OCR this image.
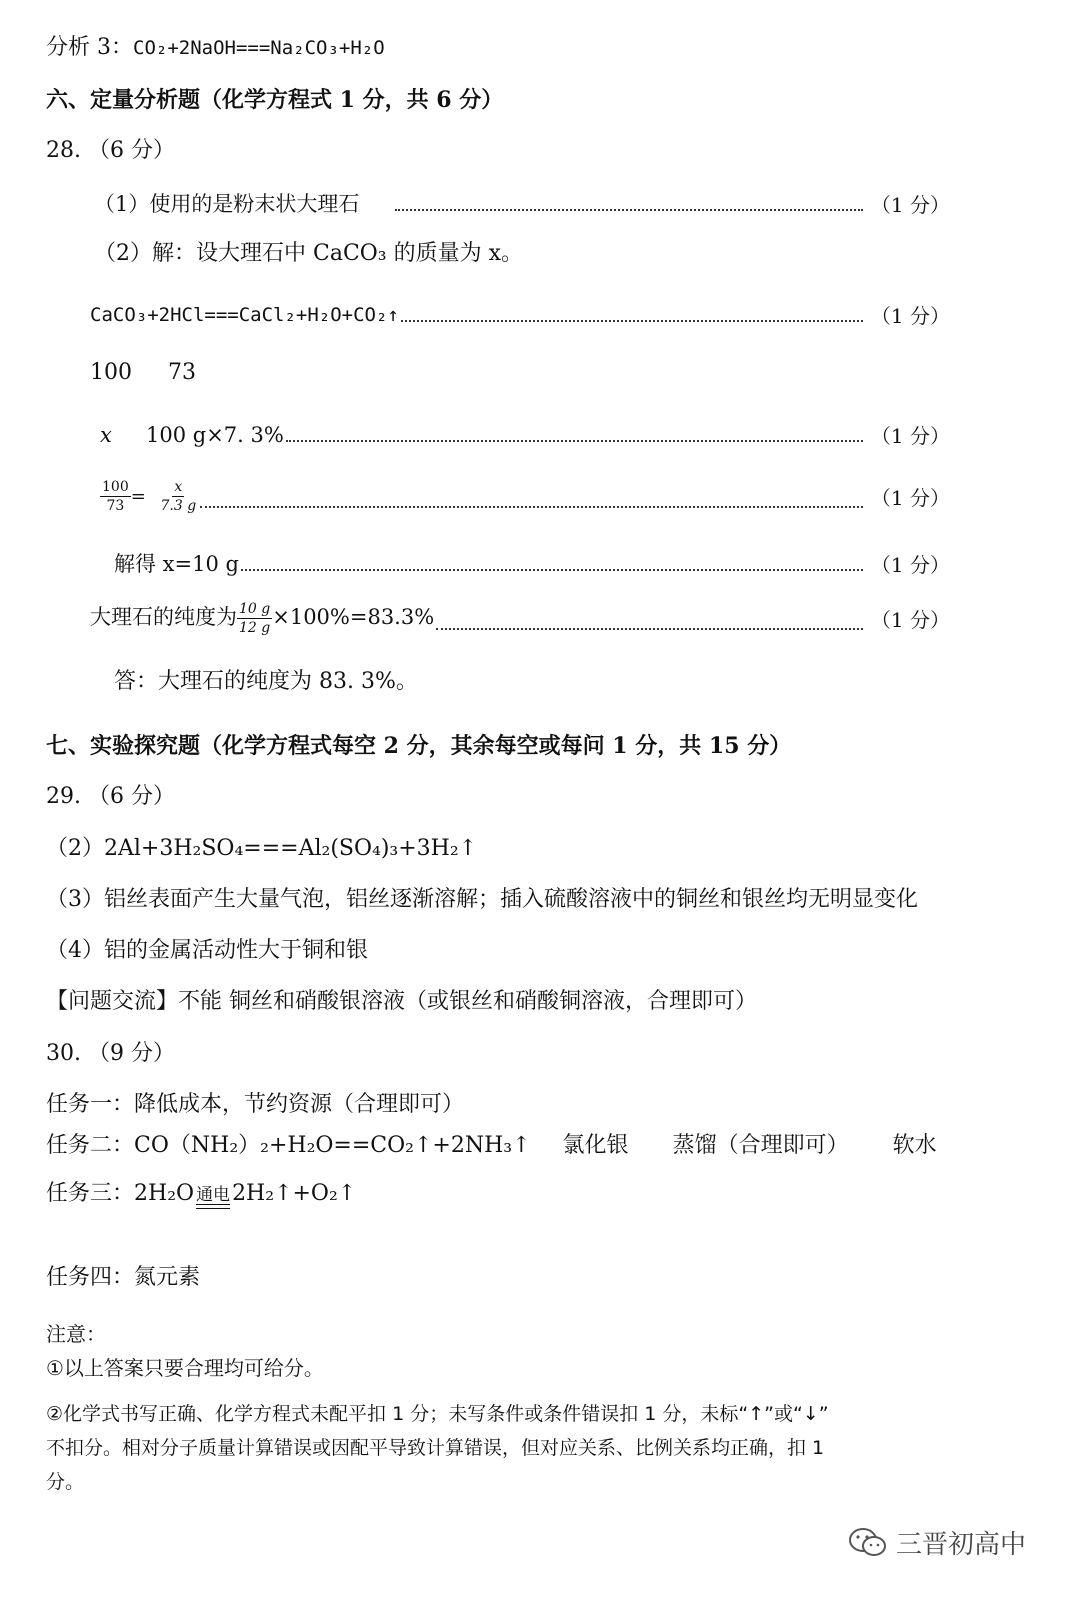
分析 3：CO₂+2NaOH===Na₂CO₃+H₂O
六、定量分析题（化学方程式 1 分，共 6 分）
28. （6 分）
（1）使用的是粉末状大理石	（1 分）
（2）解：设大理石中 CaCO₃ 的质量为 x。
CaCO₃+2HCl===CaCl₂+H₂O+CO₂↑	（1 分）
100 73
x	100 g×7. 3%	（1 分）
$\frac{100}{73} = \frac{x}{7.3 g}$	（1 分）
解得 x=10 g	（1 分）
大理石的纯度为 $\frac{10 g}{12 g} \times 100\%=83.3\%$	（1 分）
答：大理石的纯度为 83. 3%。
七、实验探究题（化学方程式每空 2 分，其余每空或每问 1 分，共 15 分）
29. （6 分）
（2）2Al+3H₂SO₄===Al₂(SO₄)₃+3H₂↑
（3）铝丝表面产生大量气泡，铝丝逐渐溶解；插入硫酸溶液中的铜丝和银丝均无明显变化
（4）铝的金属活动性大于铜和银
【问题交流】不能 铜丝和硝酸银溶液（或银丝和硝酸铜溶液，合理即可）
30. （9 分）
任务一：降低成本，节约资源（合理即可）
任务二：CO（NH₂）₂+H₂O==CO₂↑+2NH₃↑ 氯化银 蒸馏（合理即可） 软水
任务三：2H₂O 通电 2H₂↑+O₂↑
任务四：氮元素
注意：
①以上答案只要合理均可给分。
②化学式书写正确、化学方程式未配平扣 1 分；未写条件或条件错误扣 1 分，未标“↑”或“↓”
不扣分。相对分子质量计算错误或因配平导致计算错误，但对应关系、比例关系均正确，扣 1
分。
三晋初高中
